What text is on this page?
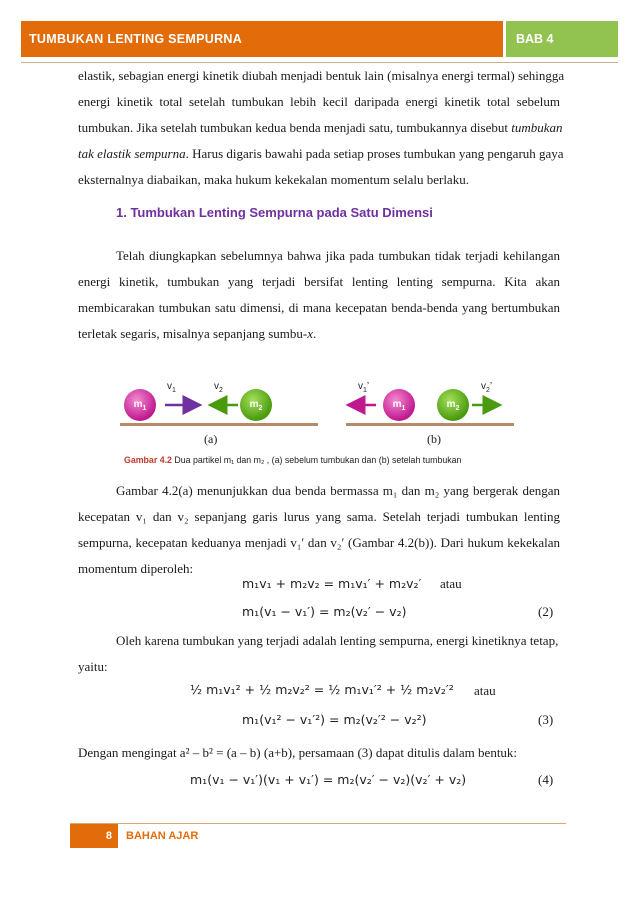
TUMBUKAN LENTING SEMPURNA	BAB 4
elastik, sebagian energi kinetik diubah menjadi bentuk lain (misalnya energi termal) sehingga
energi kinetik total setelah tumbukan lebih kecil daripada energi kinetik total sebelum
tumbukan. Jika setelah tumbukan kedua benda menjadi satu, tumbukannya disebut tumbukan
tak elastik sempurna. Harus digaris bawahi pada setiap proses tumbukan yang pengaruh gaya
eksternalnya diabaikan, maka hukum kekekalan momentum selalu berlaku.
1. Tumbukan Lenting Sempurna pada Satu Dimensi
Telah diungkapkan sebelumnya bahwa jika pada tumbukan tidak terjadi kehilangan
energi kinetik, tumbukan yang terjadi bersifat lenting lenting sempurna. Kita akan
membicarakan tumbukan satu dimensi, di mana kecepatan benda-benda yang bertumbukan
terletak segaris, misalnya sepanjang sumbu-x.
$m_1$	$m_2$
$v_1$	$v_2$
(a)
$m_1$	$m_2$
$v_1$’	$v_2$’
(b)
Gambar 4.2 Dua partikel m₁ dan m₂ , (a) sebelum tumbukan dan (b) setelah tumbukan
Gambar 4.2(a) menunjukkan dua benda bermassa m₁ dan m₂ yang bergerak dengan
kecepatan v₁ dan v₂ sepanjang garis lurus yang sama. Setelah terjadi tumbukan lenting
sempurna, kecepatan keduanya menjadi v₁′ dan v₂′ (Gambar 4.2(b)). Dari hukum kekekalan
momentum diperoleh:
m₁v₁ + m₂v₂ = m₁v₁′ + m₂v₂′ atau
m₁(v₁ − v₁′) = m₂(v₂′ − v₂)	(2)
Oleh karena tumbukan yang terjadi adalah lenting sempurna, energi kinetiknya tetap,
yaitu:
½ m₁v₁² + ½ m₂v₂² = ½ m₁v₁′² + ½ m₂v₂′² atau
m₁(v₁² − v₁′²) = m₂(v₂′² − v₂²)	(3)
Dengan mengingat a² – b² = (a – b) (a+b), persamaan (3) dapat ditulis dalam bentuk:
m₁(v₁ − v₁′)(v₁ + v₁′) = m₂(v₂′ − v₂)(v₂′ + v₂)	(4)
8	BAHAN AJAR
